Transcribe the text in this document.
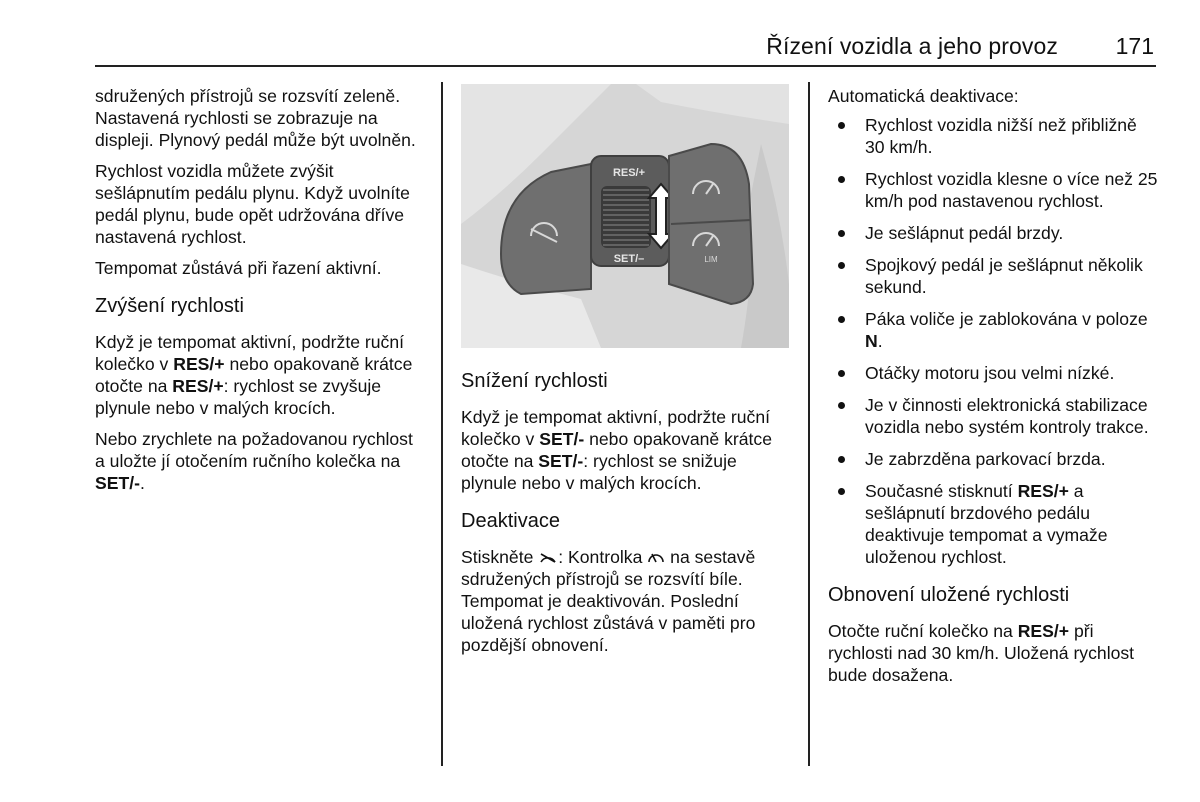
Řízení vozidla a jeho provoz	171

sdružených přístrojů se rozsvítí zeleně. Nastavená rychlosti se zobrazuje na displeji. Plynový pedál může být uvolněn.

Rychlost vozidla můžete zvýšit sešlápnutím pedálu plynu. Když uvolníte pedál plynu, bude opět udržována dříve nastavená rychlost.

Tempomat zůstává při řazení aktivní.

Zvýšení rychlosti

Když je tempomat aktivní, podržte ruční kolečko v RES/+ nebo opakovaně krátce otočte na RES/+: rychlost se zvyšuje plynule nebo v malých krocích.

Nebo zrychlete na požadovanou rychlost a uložte jí otočením ručního kolečka na SET/-.

RES/+
SET/–	LIM
Snížení rychlosti

Když je tempomat aktivní, podržte ruční kolečko v SET/- nebo opakovaně krátce otočte na SET/-: rychlost se snižuje plynule nebo v malých krocích.

Deaktivace

Stiskněte : Kontrolka  na sestavě sdružených přístrojů se rozsvítí bíle. Tempomat je deaktivován. Poslední uložená rychlost zůstává v paměti pro pozdější obnovení.

Automatická deaktivace:

Rychlost vozidla nižší než přibližně 30 km/h.
Rychlost vozidla klesne o více než 25 km/h pod nastavenou rychlost.
Je sešlápnut pedál brzdy.
Spojkový pedál je sešlápnut několik sekund.
Páka voliče je zablokována v poloze N.
Otáčky motoru jsou velmi nízké.
Je v činnosti elektronická stabilizace vozidla nebo systém kontroly trakce.
Je zabrzděna parkovací brzda.
Současné stisknutí RES/+ a sešlápnutí brzdového pedálu deaktivuje tempomat a vymaže uloženou rychlost.
Obnovení uložené rychlosti

Otočte ruční kolečko na RES/+ při rychlosti nad 30 km/h. Uložená rychlost bude dosažena.
